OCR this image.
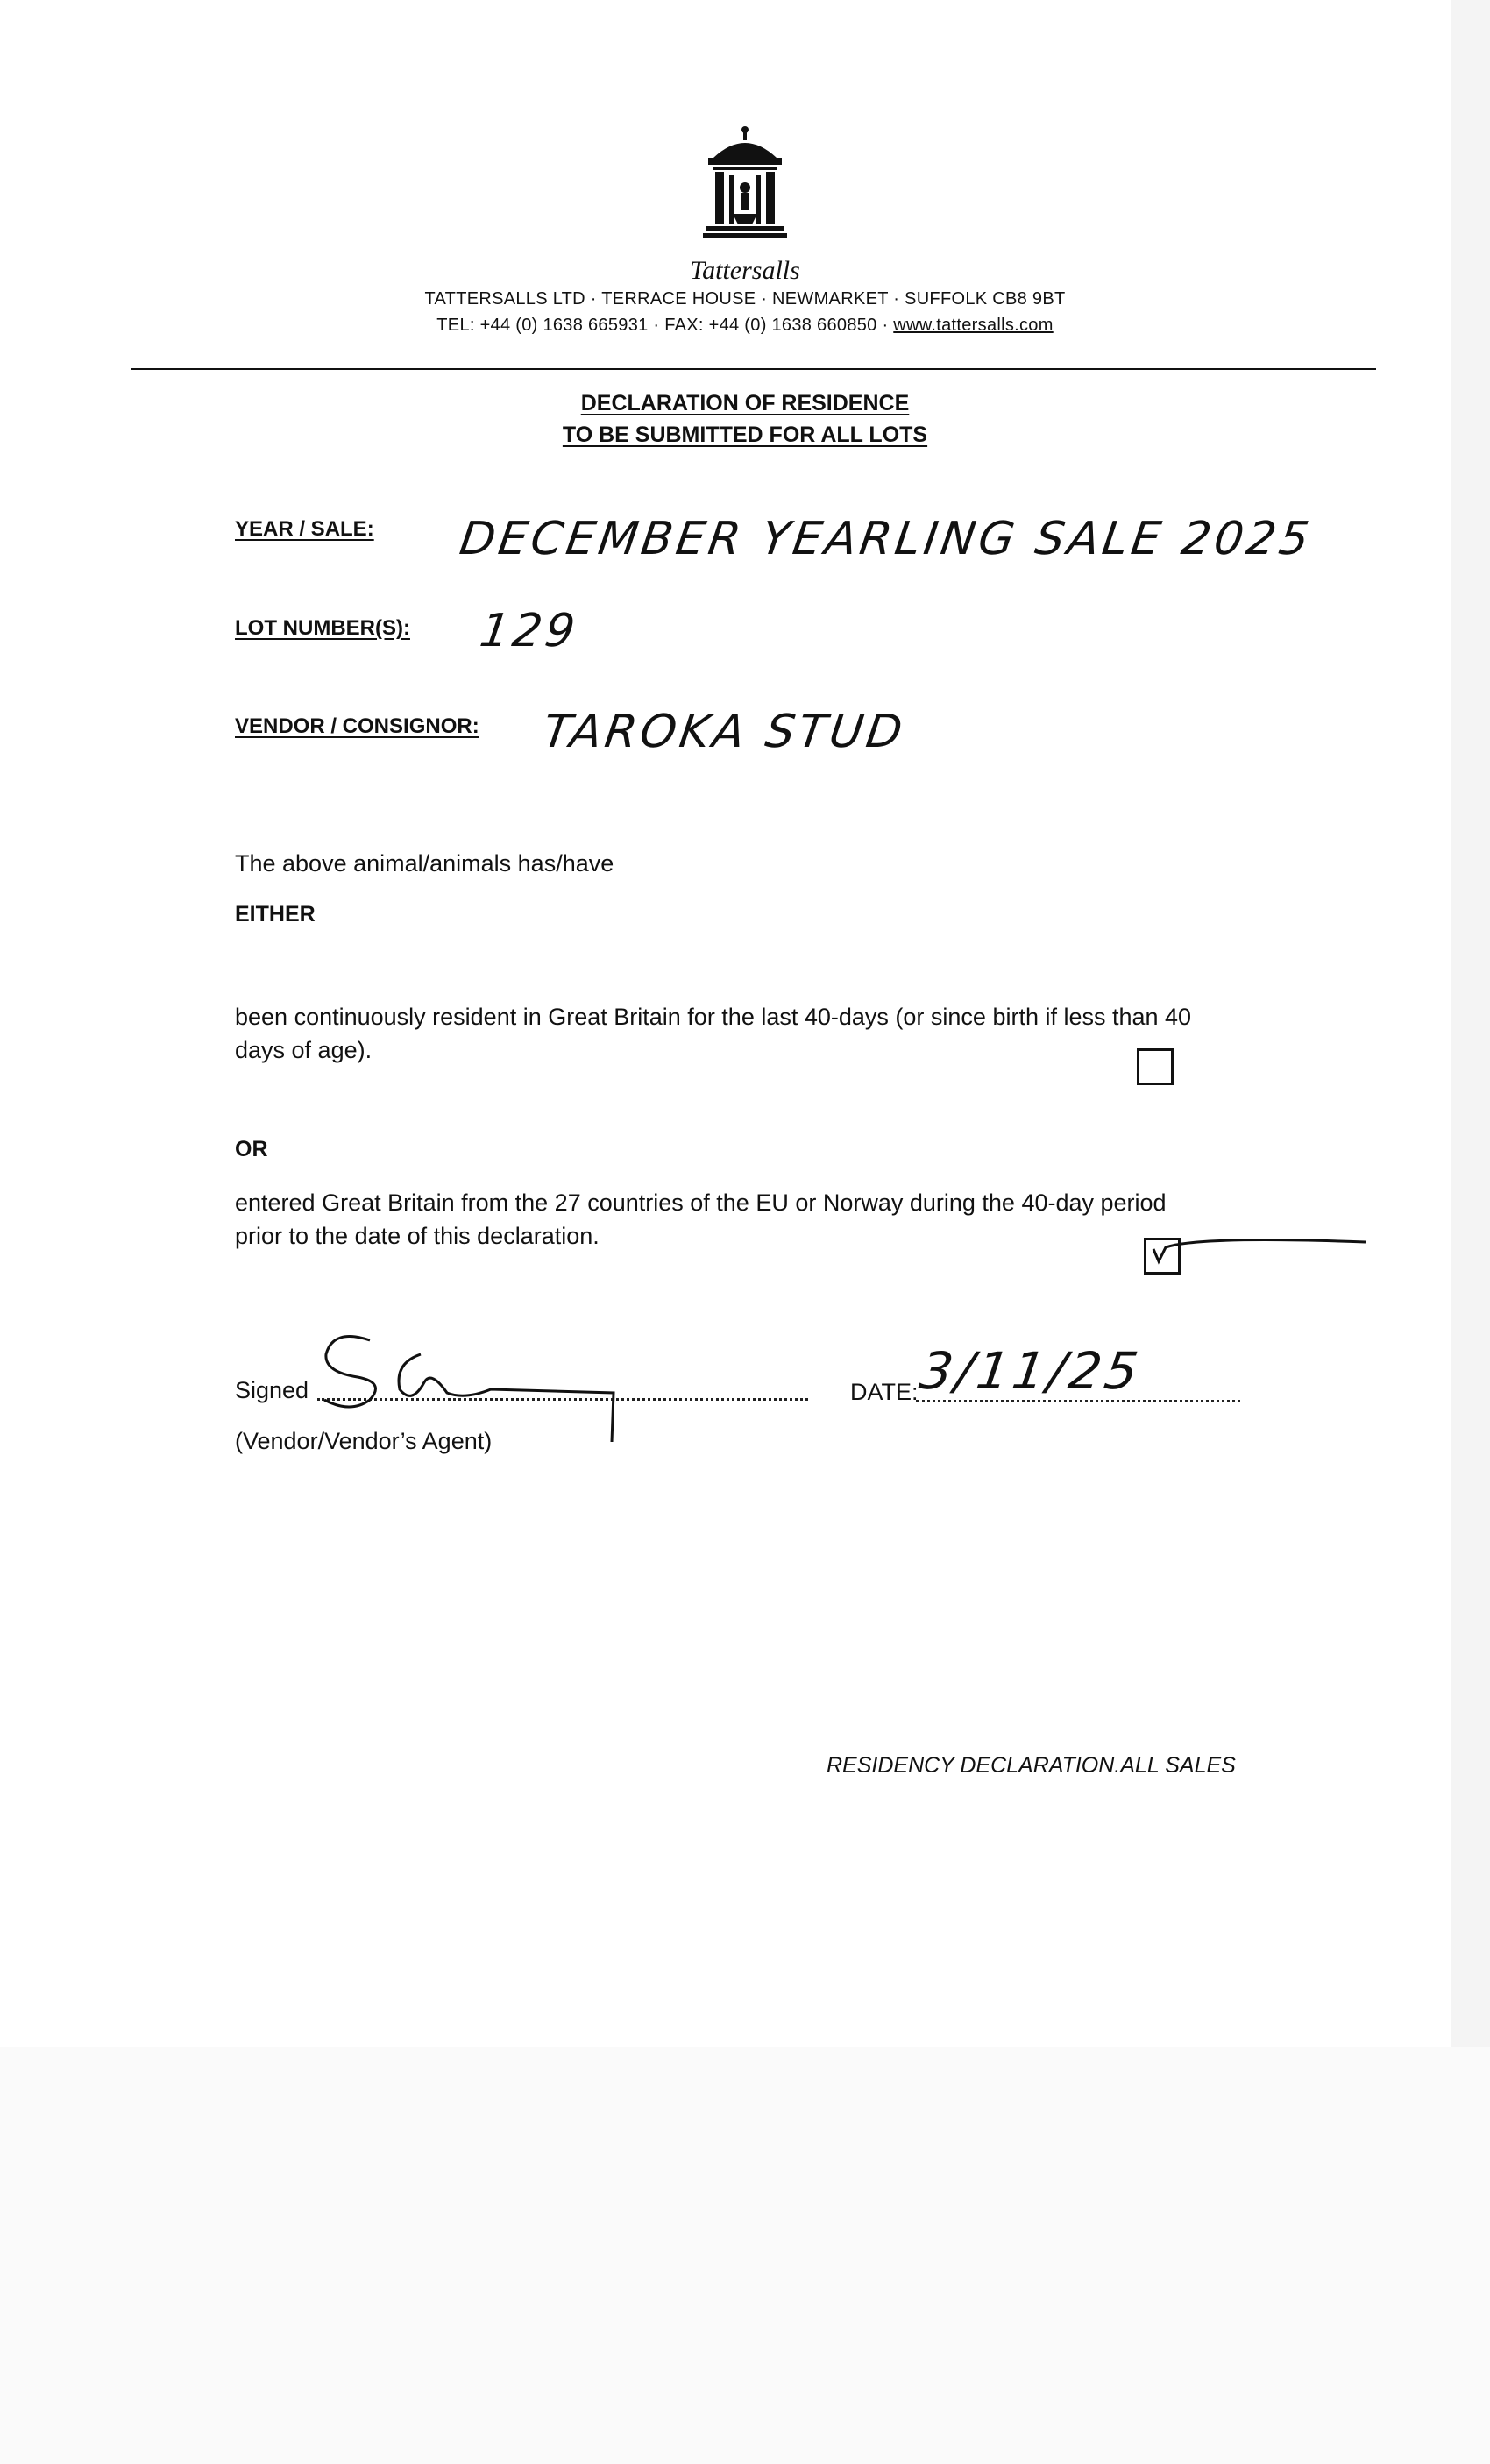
Tattersalls
TATTERSALLS LTD · TERRACE HOUSE · NEWMARKET · SUFFOLK CB8 9BT
TEL: +44 (0) 1638 665931 · FAX: +44 (0) 1638 660850 · www.tattersalls.com
DECLARATION OF RESIDENCE
TO BE SUBMITTED FOR ALL LOTS
YEAR / SALE: DECEMBER YEARLING SALE 2025
LOT NUMBER(S): 129
VENDOR / CONSIGNOR: TAROKA STUD
The above animal/animals has/have
EITHER
been continuously resident in Great Britain for the last 40-days (or since birth if less than 40
days of age).
OR
entered Great Britain from the 27 countries of the EU or Norway during the 40-day period
prior to the date of this declaration.
Signed
(Vendor/Vendor’s Agent)
DATE:
3/11/25
RESIDENCY DECLARATION.ALL SALES
